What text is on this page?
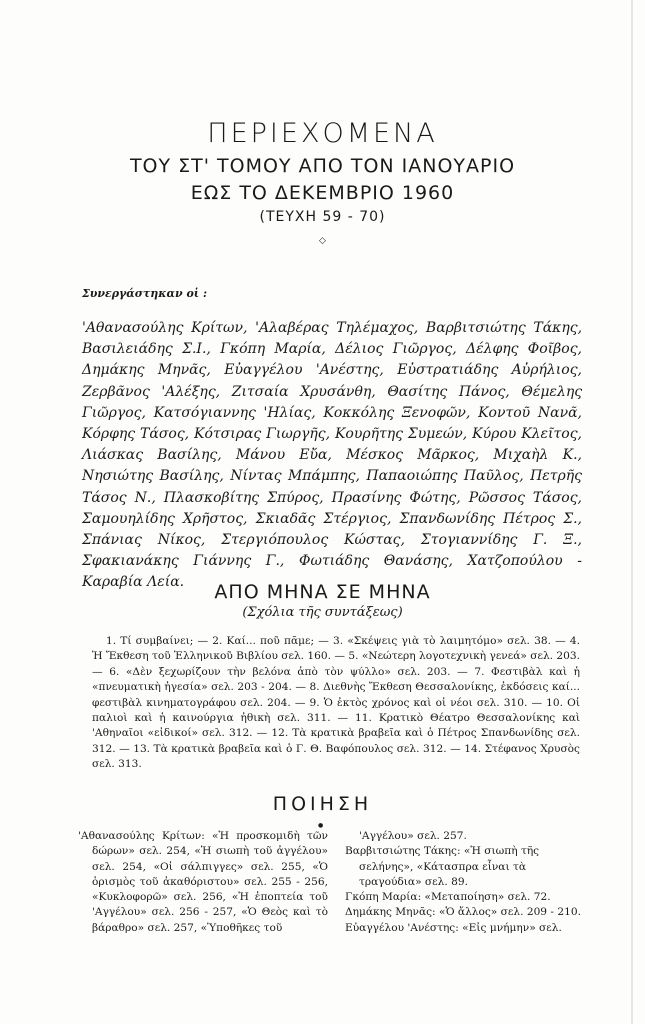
ΠΕΡΙΕΧΟΜΕΝΑ
ΤΟΥ ΣΤ' ΤΟΜΟΥ ΑΠΟ ΤΟΝ ΙΑΝΟΥΑΡΙΟ
ΕΩΣ ΤΟ ΔΕΚΕΜΒΡΙΟ 1960
(ΤΕΥΧΗ 59 - 70)
◇
Συνεργάστηκαν οἱ :

'Αθανασούλης Κρίτων, 'Αλαβέρας Τηλέμαχος, Βαρβιτσιώτης Τάκης, Βασιλειάδης Σ.Ι., Γκόπη Μαρία, Δέλιος Γιῶργος, Δέλφης Φοῖβος, Δημάκης Μηνᾶς, Εὐαγγέλου 'Ανέστης, Εὐστρατιάδης Αὐρήλιος, Ζερβᾶνος 'Αλέξης, Ζιτσαία Χρυσάνθη, Θασίτης Πάνος, Θέμελης Γιῶργος, Κατσόγιαννης 'Ηλίας, Κοκκόλης Ξενοφῶν, Κοντοῦ Νανᾶ, Κόρφης Τάσος, Κότσιρας Γιωργῆς, Κουρῆτης Συμεών, Κύρου Κλεῖτος, Λιάσκας Βασίλης, Μάνου Εὔα, Μέσκος Μᾶρκος, Μιχαὴλ Κ., Νησιώτης Βασίλης, Νίντας Μπάμπης, Παπαοιώπης Παῦλος, Πετρῆς Τάσος Ν., Πλασκοβίτης Σπύρος, Πρασίνης Φώτης, Ρῶσσος Τάσος, Σαμουηλίδης Χρῆστος, Σκιαδᾶς Στέργιος, Σπανδωνίδης Πέτρος Σ., Σπάνιας Νίκος, Στεργιόπουλος Κώστας, Στογιαννίδης Γ. Ξ., Σφακιανάκης Γιάννης Γ., Φωτιάδης Θανάσης, Χατζοπούλου - Καραβία Λεία.	ΑΠΟ ΜΗΝΑ ΣΕ ΜΗΝΑ
(Σχόλια τῆς συντάξεως)

1. Τί συμβαίνει; — 2. Καί... ποῦ πᾶμε; — 3. «Σκέψεις γιὰ τὸ λαιμητόμο» σελ. 38. — 4. Ἡ Ἔκθεση τοῦ Ἑλληνικοῦ Βιβλίου σελ. 160. — 5. «Νεώτερη λογοτεχνικὴ γενεά» σελ. 203. — 6. «Δὲν ξεχωρίζουν τὴν βελόνα ἀπὸ τὸν ψύλλο» σελ. 203. — 7. Φεστιβὰλ καὶ ἡ «πνευματικὴ ἡγεσία» σελ. 203 - 204. — 8. Διεθνὴς Ἔκθεση Θεσσαλονίκης, ἐκδόσεις καί... φεστιβὰλ κινηματογράφου σελ. 204. — 9. Ὁ ἐκτὸς χρόνος καὶ οἱ νέοι σελ. 310. — 10. Οἱ παλιοὶ καὶ ἡ καινούργια ἠθικὴ σελ. 311. — 11. Κρατικὸ Θέατρο Θεσσαλονίκης καὶ 'Αθηναῖοι «εἰδικοί» σελ. 312. — 12. Τὰ κρατικὰ βραβεῖα καὶ ὁ Πέτρος Σπανδωνίδης σελ. 312. — 13. Τὰ κρατικὰ βραβεῖα καὶ ὁ Γ. Θ. Βαφόπουλος σελ. 312. — 14. Στέφανος Χρυσὸς σελ. 313.

ΠΟΙΗΣΗ
●

'Αθανασούλης Κρίτων: «Ἡ προσκομιδὴ τῶν δώρων» σελ. 254, «Ἡ σιωπὴ τοῦ ἀγγέλου» σελ. 254, «Οἱ σάλπιγγες» σελ. 255, «Ὁ ὁρισμὸς τοῦ ἀκαθόριστου» σελ. 255 - 256, «Κυκλοφορῶ» σελ. 256, «Ἡ ἐποπτεία τοῦ 'Αγγέλου» σελ. 256 - 257, «Ὁ Θεὸς καὶ τὸ βάραθρο» σελ. 257, «Ὑποθῆκες τοῦ

'Αγγέλου» σελ. 257.

Βαρβιτσιώτης Τάκης: «Ἡ σιωπὴ τῆς σελήνης», «Κάτασπρα εἶναι τὰ τραγούδια» σελ. 89.

Γκόπη Μαρία: «Μεταποίηση» σελ. 72.

Δημάκης Μηνᾶς: «Ὁ ἄλλος» σελ. 209 - 210.

Εὐαγγέλου 'Ανέστης: «Εἰς μνήμην» σελ.
